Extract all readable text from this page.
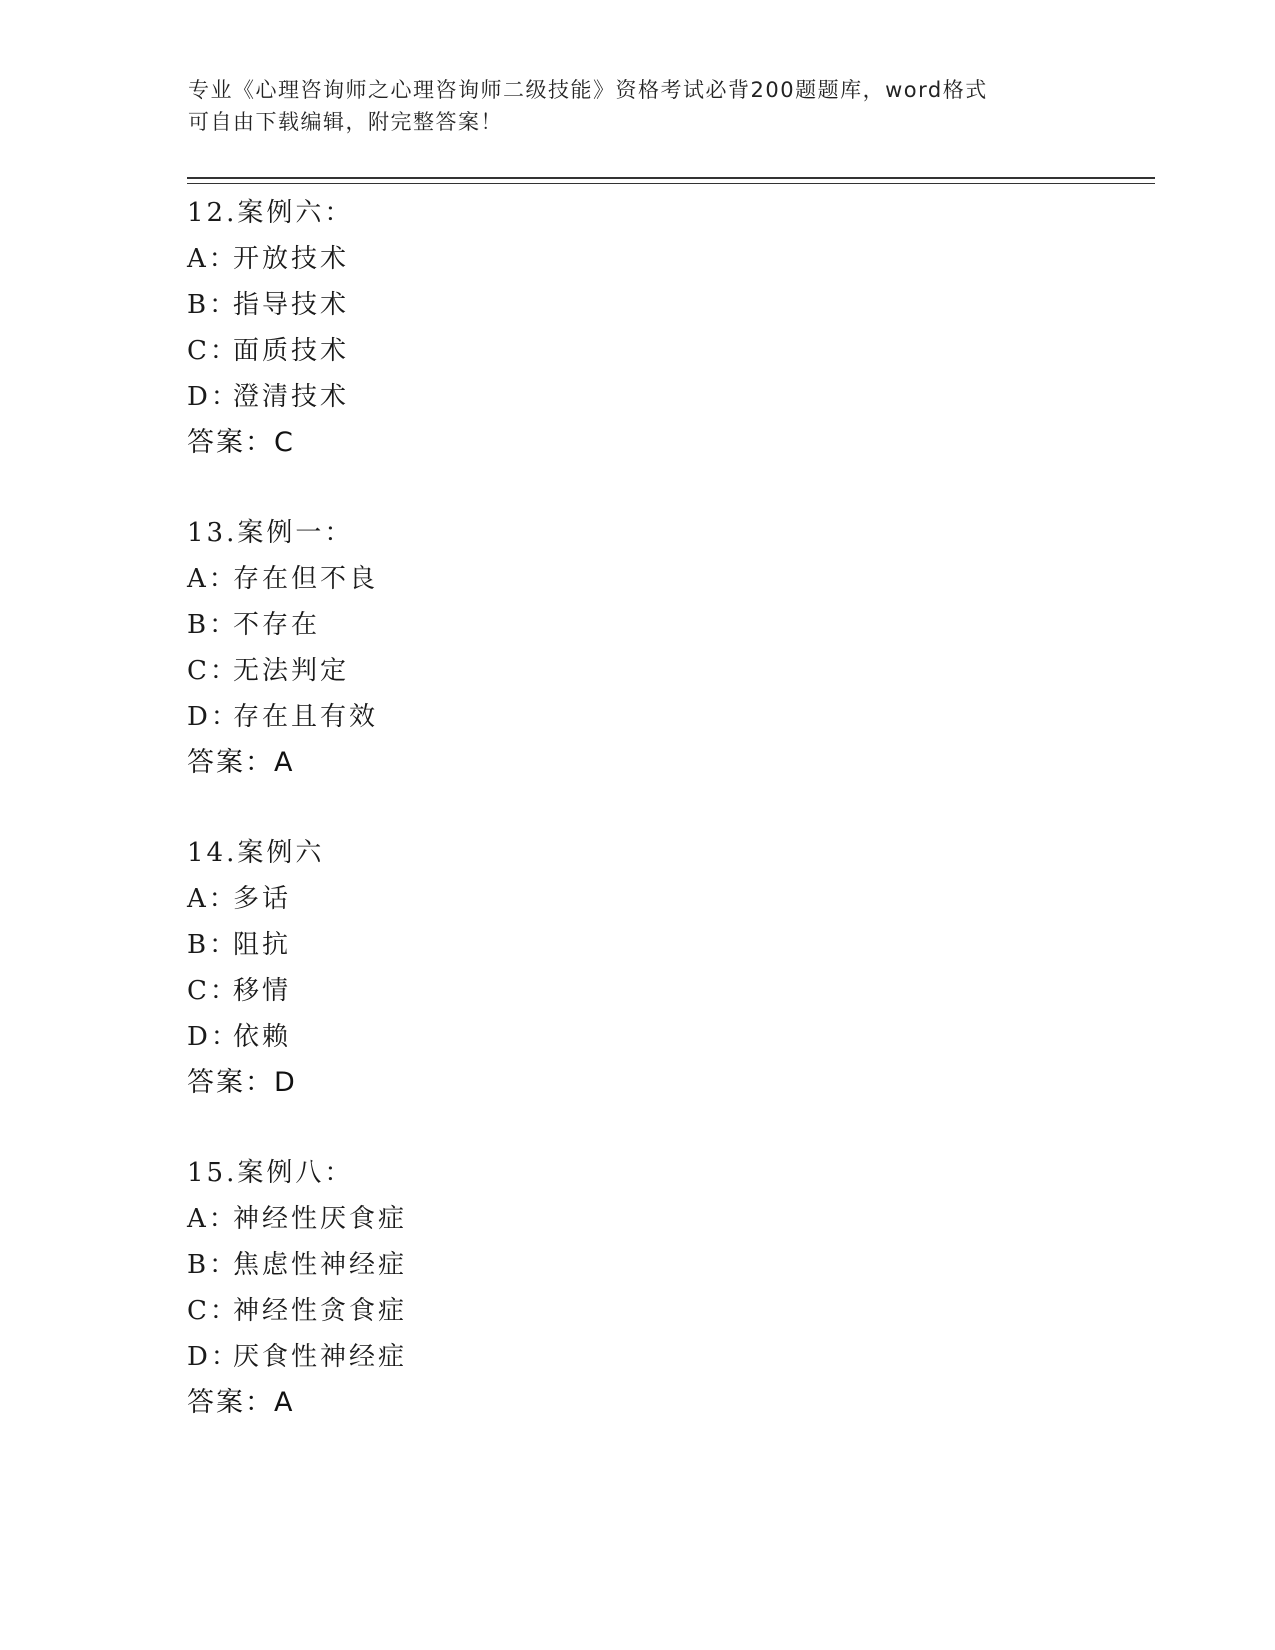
专业《心理咨询师之心理咨询师二级技能》资格考试必背200题题库，word格式
可自由下载编辑，附完整答案！
12.案例六：
A：开放技术
B：指导技术
C：面质技术
D：澄清技术
答案：C
13.案例一：
A：存在但不良
B：不存在
C：无法判定
D：存在且有效
答案：A
14.案例六
A：多话
B：阻抗
C：移情
D：依赖
答案：D
15.案例八：
A：神经性厌食症
B：焦虑性神经症
C：神经性贪食症
D：厌食性神经症
答案：A
